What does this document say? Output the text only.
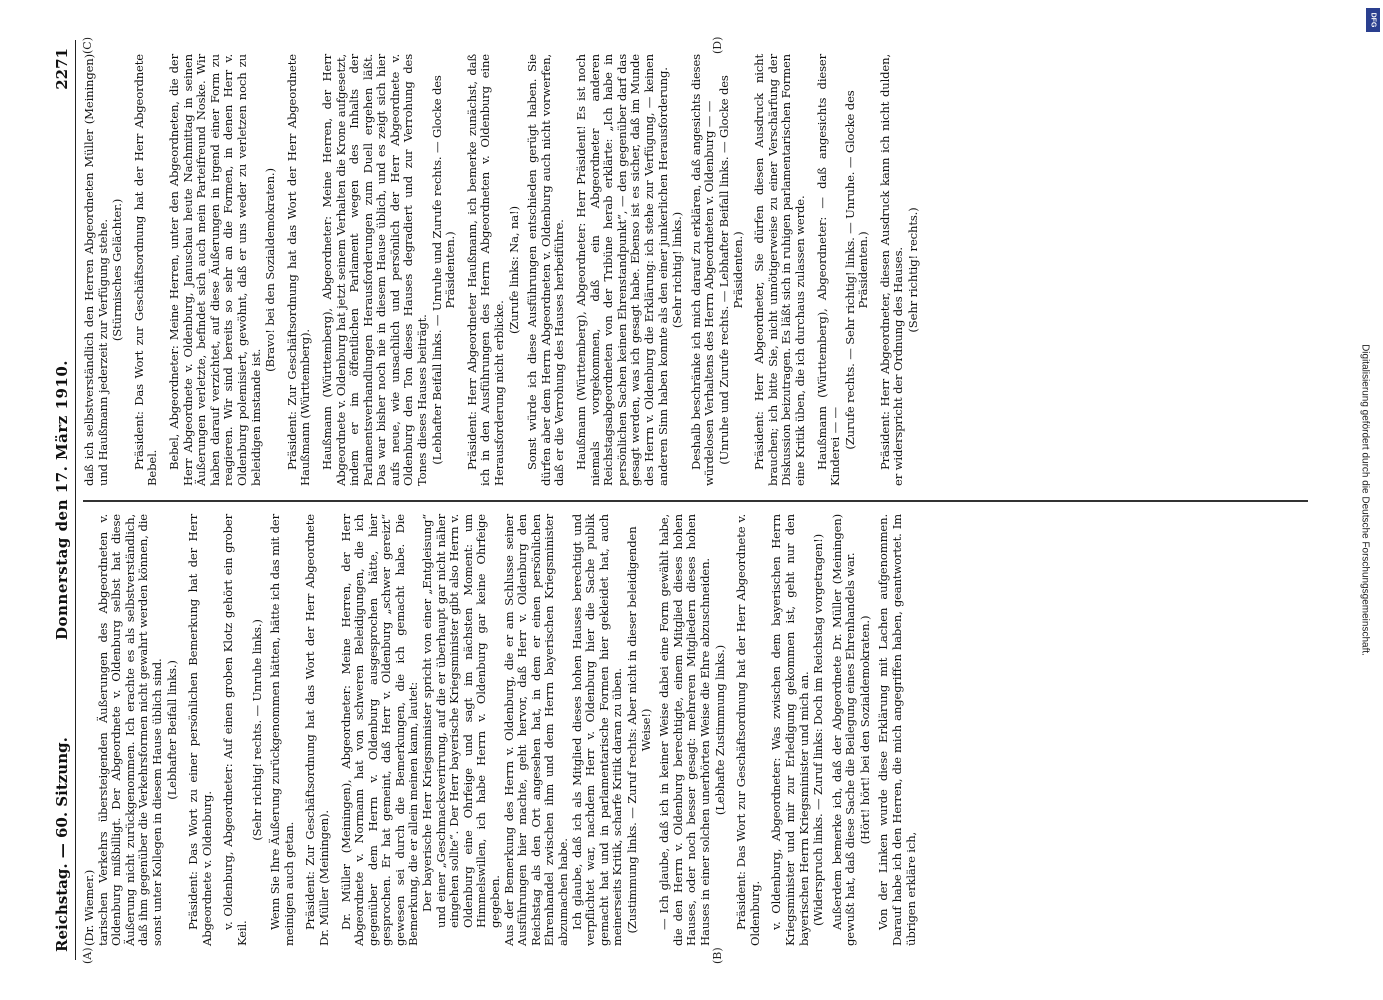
Reichstag. — 60. Sitzung.
Donnerstag den 17. März 1910.
2271
(A)	(B)
(C)	(D)

(Dr. Wiemer.) tarischen Verkehrs übersteigenden Äußerungen des Abgeordneten v. Oldenburg mißbilligt. Der Abgeordnete v. Oldenburg selbst hat diese Äußerung nicht zurückgenommen. Ich erachte es als selbstverständlich, daß ihm gegenüber die Verkehrsformen nicht gewahrt werden können, die sonst unter Kollegen in diesem Hause üblich sind. (Lebhafter Beifall links.) Präsident: Das Wort zu einer persönlichen Bemerkung hat der Herr Abgeordnete v. Oldenburg. v. Oldenburg, Abgeordneter: Auf einen groben Klotz gehört ein grober Keil.

(Sehr richtig! rechts. — Unruhe links.) Wenn Sie Ihre Äußerung zurückgenommen hätten, hätte ich das mit der meinigen auch getan. Präsident: Zur Geschäftsordnung hat das Wort der Herr Abgeordnete Dr. Müller (Meiningen). Dr. Müller (Meiningen), Abgeordneter: Meine Herren, der Herr Abgeordnete v. Normann hat von schweren Beleidigungen, die ich gegenüber dem Herrn v. Oldenburg ausgesprochen hätte, hier gesprochen. Er hat gemeint, daß Herr v. Oldenburg „schwer gereizt“ gewesen sei durch die Bemerkungen, die ich gemacht habe. Die Bemerkung, die er allein meinen kann, lautet: Der bayerische Herr Kriegsminister spricht von einer „Entgleisung“ und einer „Geschmacksverirrung, auf die er überhaupt gar nicht näher eingehen sollte“. Der Herr bayerische Kriegsminister gibt also Herrn v. Oldenburg eine Ohrfeige und sagt im nächsten Moment: um Himmelswillen, ich habe Herrn v. Oldenburg gar keine Ohrfeige gegeben. Aus der Bemerkung des Herrn v. Oldenburg, die er am Schlusse seiner Ausführungen hier machte, geht hervor, daß Herr v. Oldenburg den Reichstag als den Ort angesehen hat, in dem er einen persönlichen Ehrenhandel zwischen ihm und dem Herrn bayerischen Kriegsminister abzumachen habe. Ich glaube, daß ich als Mitglied dieses hohen Hauses berechtigt und verpflichtet war, nachdem Herr v. Oldenburg hier die Sache publik gemacht hat und in parlamentarische Formen hier gekleidet hat, auch meinerseits Kritik, scharfe Kritik daran zu üben. (Zustimmung links. — Zuruf rechts: Aber nicht in dieser beleidigenden Weise!) — Ich glaube, daß ich in keiner Weise dabei eine Form gewählt habe, die den Herrn v. Oldenburg berechtigte, einem Mitglied dieses hohen Hauses, oder noch besser gesagt: mehreren Mitgliedern dieses hohen Hauses in einer solchen unerhörten Weise die Ehre abzuschneiden. (Lebhafte Zustimmung links.) Präsident: Das Wort zur Geschäftsordnung hat der Herr Abgeordnete v. Oldenburg. v. Oldenburg, Abgeordneter: Was zwischen dem bayerischen Herrn Kriegsminister und mir zur Erledigung gekommen ist, geht nur den bayerischen Herrn Kriegsminister und mich an. (Widerspruch links. — Zuruf links: Doch im Reichstag vorgetragen!) Außerdem bemerke ich, daß der Abgeordnete Dr. Müller (Meiningen) gewußt hat, daß diese Sache die Beilegung eines Ehrenhandels war. (Hört! hört! bei den Sozialdemokraten.) Von der Linken wurde diese Erklärung mit Lachen aufgenommen. Darauf habe ich den Herren, die mich angegriffen haben, geantwortet. Im übrigen erkläre ich,

daß ich selbstverständlich den Herren Abgeordneten Müller (Meiningen) und Haußmann jederzeit zur Verfügung stehe. (Stürmisches Gelächter.) Präsident: Das Wort zur Geschäftsordnung hat der Herr Abgeordnete Bebel. Bebel, Abgeordneter: Meine Herren, unter den Abgeordneten, die der Herr Abgeordnete v. Oldenburg, Januschau heute Nachmittag in seinen Äußerungen verletzte, befindet sich auch mein Parteifreund Noske. Wir haben darauf verzichtet, auf diese Äußerungen in irgend einer Form zu reagieren. Wir sind bereits so sehr an die Formen, in denen Herr v. Oldenburg polemisiert, gewöhnt, daß er uns weder zu verletzen noch zu beleidigen imstande ist.

(Bravo! bei den Sozialdemokraten.) Präsident: Zur Geschäftsordnung hat das Wort der Herr Abgeordnete Haußmann (Württemberg). Haußmann (Württemberg), Abgeordneter: Meine Herren, der Herr Abgeordnete v. Oldenburg hat jetzt seinem Verhalten die Krone aufgesetzt, indem er im öffentlichen Parlament wegen des Inhalts der Parlamentsverhandlungen Herausforderungen zum Duell ergehen läßt. Das war bisher noch nie in diesem Hause üblich, und es zeigt sich hier aufs neue, wie unsachlich und persönlich der Herr Abgeordnete v. Oldenburg den Ton dieses Hauses degradiert und zur Verrohung des Tones dieses Hauses beiträgt. (Lebhafter Beifall links. — Unruhe und Zurufe rechts. — Glocke des Präsidenten.) Präsident: Herr Abgeordneter Haußmann, ich bemerke zunächst, daß ich in den Ausführungen des Herrn Abgeordneten v. Oldenburg eine Herausforderung nicht erblicke.

(Zurufe links: Na, na!) Sonst würde ich diese Ausführungen entschieden gerügt haben. Sie dürfen aber dem Herrn Abgeordneten v. Oldenburg auch nicht vorwerfen, daß er die Verrohung des Hauses herbeiführe. Haußmann (Württemberg), Abgeordneter: Herr Präsident! Es ist noch niemals vorgekommen, daß ein Abgeordneter anderen Reichstagsabgeordneten von der Tribüne herab erklärte: „Ich habe in persönlichen Sachen keinen Ehrenstandpunkt“, — den gegenüber darf das gesagt werden, was ich gesagt habe. Ebenso ist es sicher, daß im Munde des Herrn v. Oldenburg die Erklärung: ich stehe zur Verfügung, — keinen anderen Sinn haben konnte als den einer junkerlichen Herausforderung. (Sehr richtig! links.) Deshalb beschränke ich mich darauf zu erklären, daß angesichts dieses würdelosen Verhaltens des Herrn Abgeordneten v. Oldenburg — — (Unruhe und Zurufe rechts. — Lebhafter Beifall links. — Glocke des Präsidenten.) Präsident: Herr Abgeordneter, Sie dürfen diesen Ausdruck nicht brauchen; ich bitte Sie, nicht unnötigerweise zu einer Verschärfung der Diskussion beizutragen. Es läßt sich in ruhigen parlamentarischen Formen eine Kritik üben, die ich durchaus zulassen werde. Haußmann (Württemberg), Abgeordneter: — daß angesichts dieser Kinderei — — (Zurufe rechts. — Sehr richtig! links. — Unruhe. — Glocke des Präsidenten.) Präsident: Herr Abgeordneter, diesen Ausdruck kann ich nicht dulden, er widerspricht der Ordnung des Hauses. (Sehr richtig! rechts.)

Digitalisierung gefördert durch die Deutsche Forschungsgemeinschaft.
DFG
